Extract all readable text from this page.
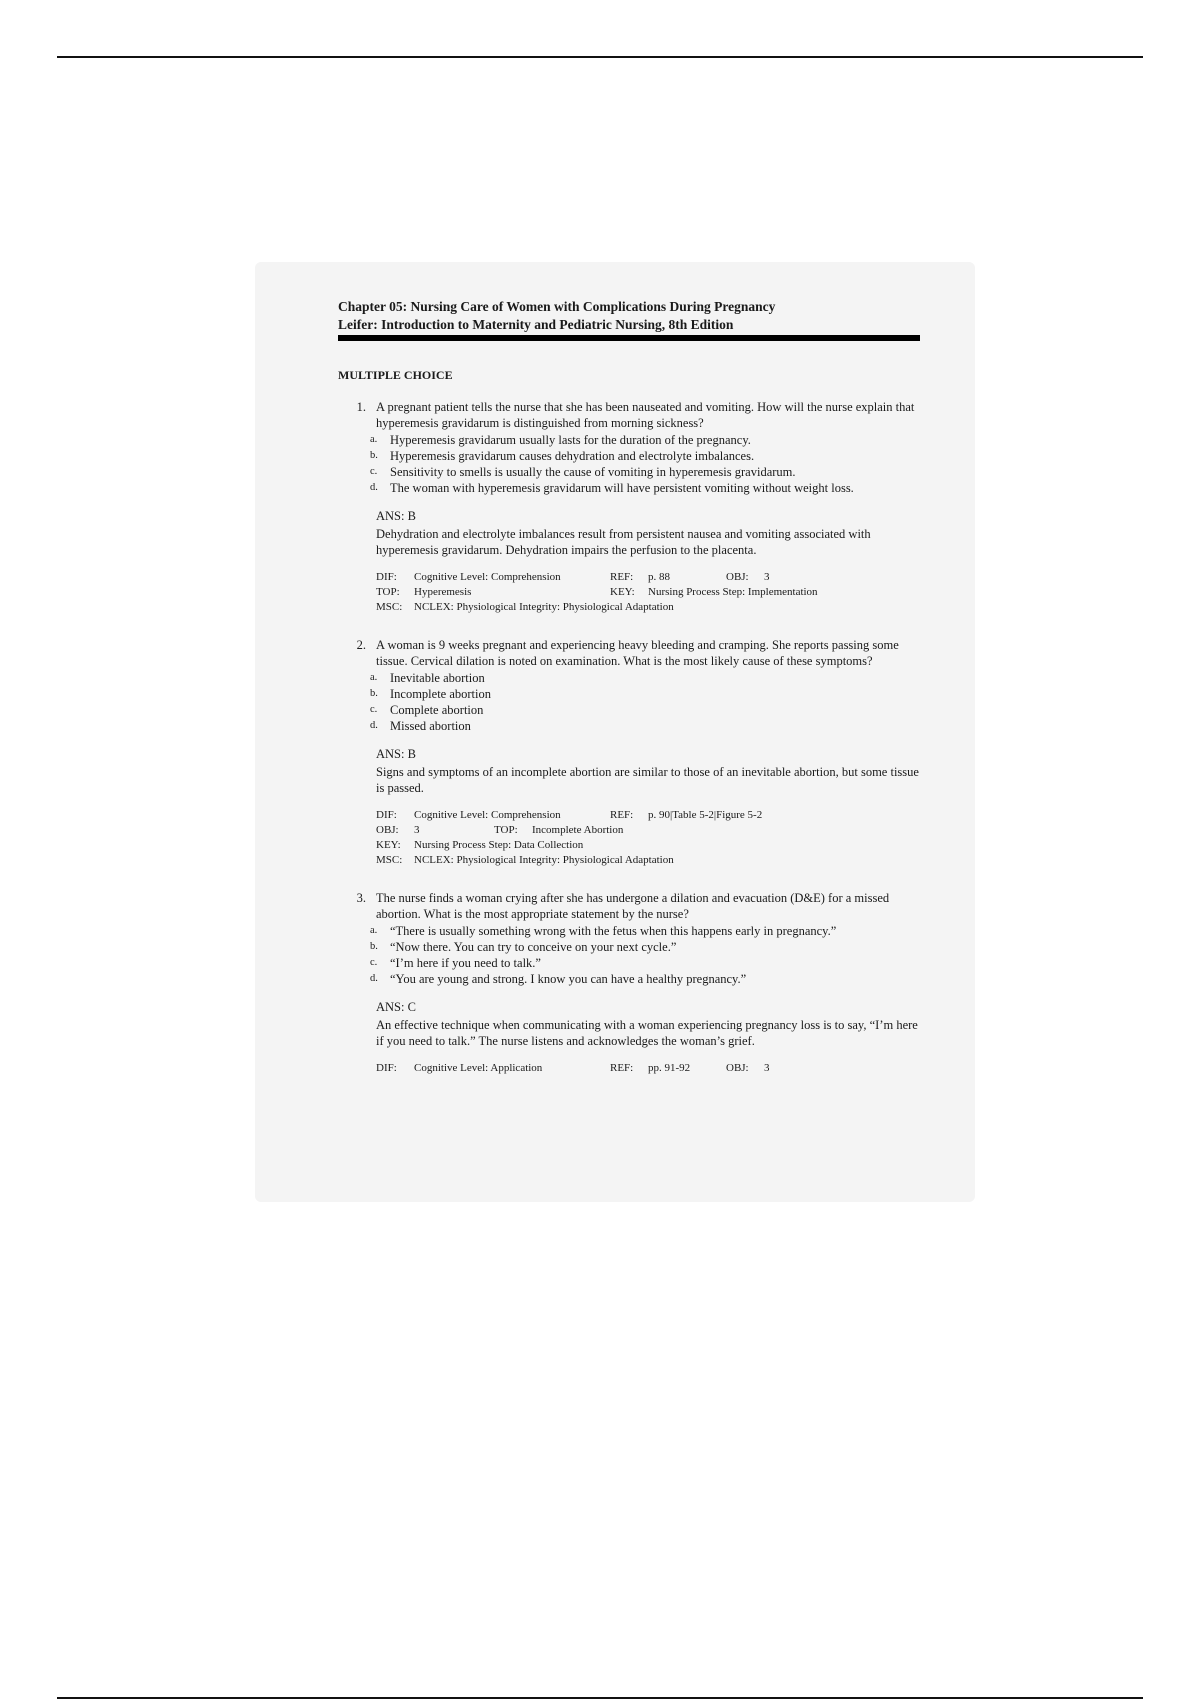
Chapter 05: Nursing Care of Women with Complications During Pregnancy
Leifer: Introduction to Maternity and Pediatric Nursing, 8th Edition
MULTIPLE CHOICE
1. A pregnant patient tells the nurse that she has been nauseated and vomiting. How will the nurse explain that hyperemesis gravidarum is distinguished from morning sickness?
a.	Hyperemesis gravidarum usually lasts for the duration of the pregnancy.
b. Hyperemesis gravidarum causes dehydration and electrolyte imbalances.
c.	Sensitivity to smells is usually the cause of vomiting in hyperemesis gravidarum.
d. The woman with hyperemesis gravidarum will have persistent vomiting without weight loss.
ANS: B
Dehydration and electrolyte imbalances result from persistent nausea and vomiting associated with hyperemesis gravidarum. Dehydration impairs the perfusion to the placenta.
DIF:	Cognitive Level: Comprehension	REF:	p. 88	OBJ:	3
TOP:	Hyperemesis	KEY:	Nursing Process Step: Implementation
MSC:	NCLEX: Physiological Integrity: Physiological Adaptation
2. A woman is 9 weeks pregnant and experiencing heavy bleeding and cramping. She reports passing some tissue. Cervical dilation is noted on examination. What is the most likely cause of these symptoms?
a.	Inevitable abortion
b. Incomplete abortion
c.	Complete abortion
d. Missed abortion
ANS: B
Signs and symptoms of an incomplete abortion are similar to those of an inevitable abortion, but some tissue is passed.
DIF:	Cognitive Level: Comprehension	REF:	p. 90|Table 5-2|Figure 5-2
OBJ:	3	TOP:	Incomplete Abortion
KEY:	Nursing Process Step: Data Collection
MSC:	NCLEX: Physiological Integrity: Physiological Adaptation
3. The nurse finds a woman crying after she has undergone a dilation and evacuation (D&E) for a missed abortion. What is the most appropriate statement by the nurse?
a.	“There is usually something wrong with the fetus when this happens early in pregnancy.”
b. “Now there. You can try to conceive on your next cycle.”
c.	“I’m here if you need to talk.”
d. “You are young and strong. I know you can have a healthy pregnancy.”
ANS: C
An effective technique when communicating with a woman experiencing pregnancy loss is to say, “I’m here if you need to talk.” The nurse listens and acknowledges the woman’s grief.
DIF:	Cognitive Level: Application	REF:	pp. 91-92	OBJ:	3
